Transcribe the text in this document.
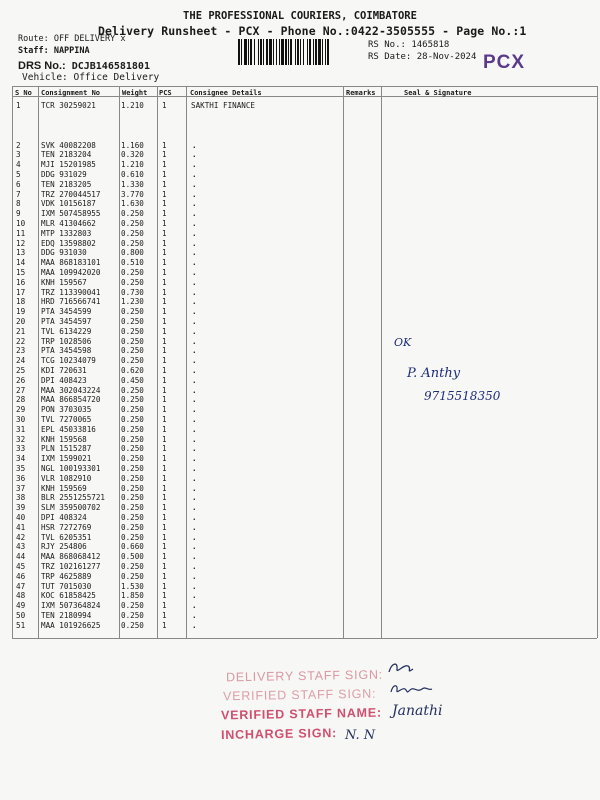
THE PROFESSIONAL COURIERS, COIMBATORE
Delivery Runsheet - PCX - Phone No.:0422-3505555 - Page No.:1
Route: OFF DELIVERY x
Staff: NAPPINA
DRS No.: DCJB146581801
Vehicle: Office Delivery
RS No.: 1465818
RS Date: 28-Nov-2024 PCX
S No Consignment No	Weight PCS	Consignee Details	Remarks	Seal & Signature
1	TCR 30259021	1.210 1	SAKTHI FINANCE
2	SVK 40082208	1.160 1	.
3	TEN 2183204	0.320 1	.
4	MJI 15201985	1.210 1	.
5	DDG 931029	0.610 1	.
6	TEN 2183205	1.330 1	.
7	TRZ 270044517	3.770 1	.
8	VDK 10156187	1.630 1	.
9	IXM 507458955	0.250 1	.
10 MLR 41304662	0.250 1	.
11 MTP 1332803	0.250 1	.
12 EDQ 13598802	0.250 1	.
13 DDG 931030	0.800 1	.
14 MAA 868183101	0.510 1	.
15 MAA 109942020	0.250 1	.
16 KNH 159567	0.250 1	.
17 TRZ 113390041	0.730 1	.
18 HRD 716566741	1.230 1	.
19 PTA 3454599	0.250 1	.
20 PTA 3454597	0.250 1	.
21 TVL 6134229	0.250 1	.
22 TRP 1028506	0.250 1	.
23 PTA 3454598	0.250 1	.
24 TCG 10234079	0.250 1	.
25 KDI 720631	0.620 1	.
26 DPI 408423	0.450 1	.
27 MAA 302043224	0.250 1	.
28 MAA 866854720	0.250 1	.
29 PON 3703035	0.250 1	.
30 TVL 7270065	0.250 1	.
31 EPL 45033816	0.250 1	.
32 KNH 159568	0.250 1	.
33 PLN 1515287	0.250 1	.
34 IXM 1599021	0.250 1	.
35 NGL 100193301	0.250 1	.
36 VLR 1082910	0.250 1	.
37 KNH 159569	0.250 1	.
38 BLR 2551255721 0.250 1	.
39 SLM 359500702	0.250 1	.
40 DPI 408324	0.250 1	.
41 HSR 7272769	0.250 1	.
42 TVL 6205351	0.250 1	.
43 RJY 254806	0.660 1	.
44 MAA 868068412	0.500 1	.
45 TRZ 102161277	0.250 1	.
46 TRP 4625889	0.250 1	.
47 TUT 7015030	1.530 1	.
48 KOC 61858425	1.850 1	.
49 IXM 507364824	0.250 1	.
50 TEN 2180994	0.250 1	.
51 MAA 101926625	0.250 1	.
OK
P. Anthy
9715518350
DELIVERY STAFF SIGN:
VERIFIED STAFF SIGN:
VERIFIED STAFF NAME:
INCHARGE SIGN:
Janathi
N. N
